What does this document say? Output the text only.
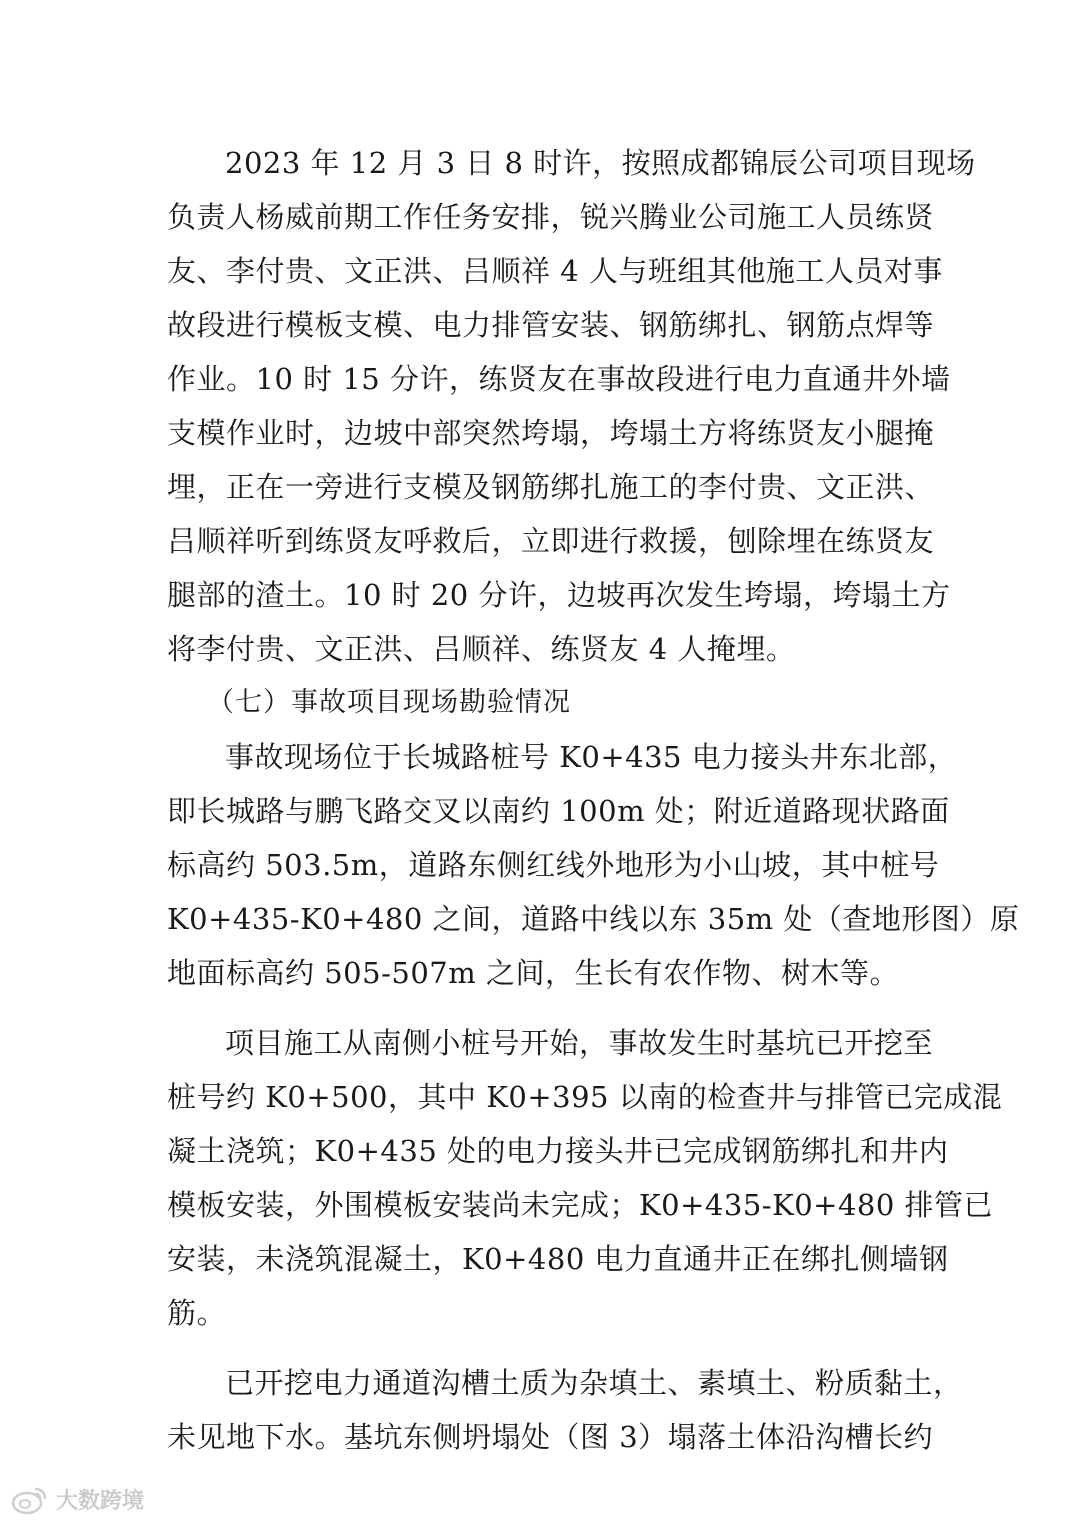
2023 年 12 月 3 日 8 时许，按照成都锦辰公司项目现场
负责人杨威前期工作任务安排，锐兴腾业公司施工人员练贤
友、李付贵、文正洪、吕顺祥 4 人与班组其他施工人员对事
故段进行模板支模、电力排管安装、钢筋绑扎、钢筋点焊等
作业。10 时 15 分许，练贤友在事故段进行电力直通井外墙
支模作业时，边坡中部突然垮塌，垮塌土方将练贤友小腿掩
埋，正在一旁进行支模及钢筋绑扎施工的李付贵、文正洪、
吕顺祥听到练贤友呼救后，立即进行救援，刨除埋在练贤友
腿部的渣土。10 时 20 分许，边坡再次发生垮塌，垮塌土方
将李付贵、文正洪、吕顺祥、练贤友 4 人掩埋。
（七）事故项目现场勘验情况
事故现场位于长城路桩号 K0+435 电力接头井东北部，
即长城路与鹏飞路交叉以南约 100m 处；附近道路现状路面
标高约 503.5m，道路东侧红线外地形为小山坡，其中桩号
K0+435-K0+480 之间，道路中线以东 35m 处（查地形图）原
地面标高约 505-507m 之间，生长有农作物、树木等。
项目施工从南侧小桩号开始，事故发生时基坑已开挖至
桩号约 K0+500，其中 K0+395 以南的检查井与排管已完成混
凝土浇筑；K0+435 处的电力接头井已完成钢筋绑扎和井内
模板安装，外围模板安装尚未完成；K0+435-K0+480 排管已
安装，未浇筑混凝土，K0+480 电力直通井正在绑扎侧墙钢
筋。
已开挖电力通道沟槽土质为杂填土、素填土、粉质黏土，
未见地下水。基坑东侧坍塌处（图 3）塌落土体沿沟槽长约
大数跨境
